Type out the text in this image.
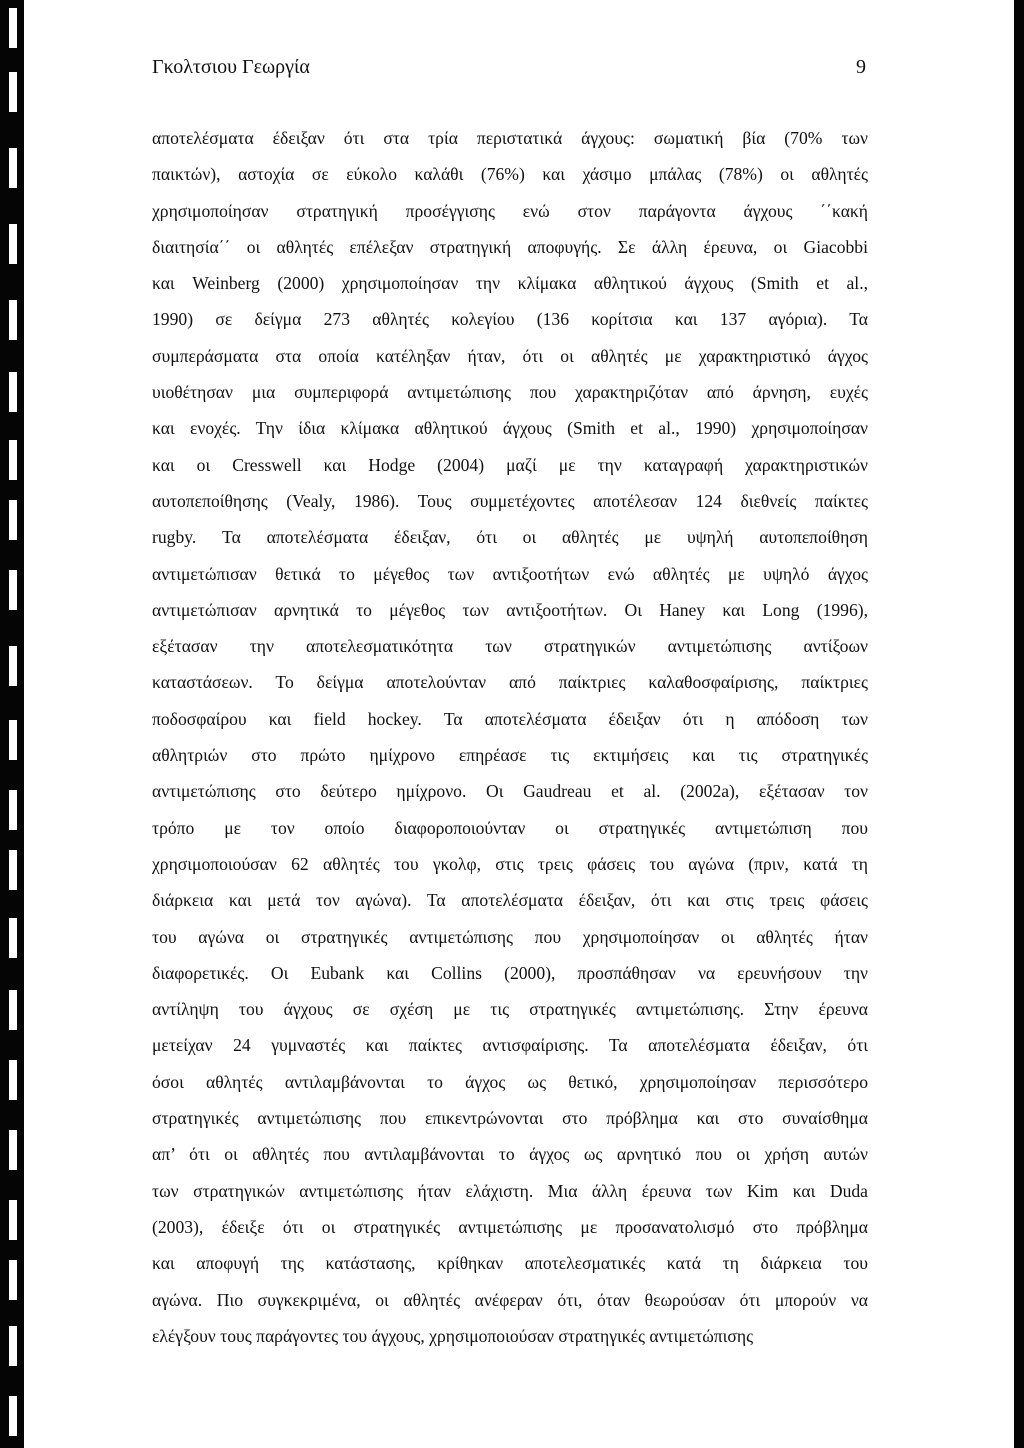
Γκολτσιου Γεωργία	9
αποτελέσματα έδειξαν ότι στα τρία περιστατικά άγχους: σωματική βία (70% των
παικτών), αστοχία σε εύκολο καλάθι (76%) και χάσιμο μπάλας (78%) οι αθλητές
χρησιμοποίησαν στρατηγική προσέγγισης ενώ στον παράγοντα άγχους ΄΄κακή
διαιτησία΄΄ οι αθλητές επέλεξαν στρατηγική αποφυγής. Σε άλλη έρευνα, οι Giacobbi
και Weinberg (2000) χρησιμοποίησαν την κλίμακα αθλητικού άγχους (Smith et al.,
1990) σε δείγμα 273 αθλητές κολεγίου (136 κορίτσια και 137 αγόρια). Τα
συμπεράσματα στα οποία κατέληξαν ήταν, ότι οι αθλητές με χαρακτηριστικό άγχος
υιοθέτησαν μια συμπεριφορά αντιμετώπισης που χαρακτηριζόταν από άρνηση, ευχές
και ενοχές. Την ίδια κλίμακα αθλητικού άγχους (Smith et al., 1990) χρησιμοποίησαν
και οι Cresswell και Hodge (2004) μαζί με την καταγραφή χαρακτηριστικών
αυτοπεποίθησης (Vealy, 1986). Τους συμμετέχοντες αποτέλεσαν 124 διεθνείς παίκτες
rugby. Τα αποτελέσματα έδειξαν, ότι οι αθλητές με υψηλή αυτοπεποίθηση
αντιμετώπισαν θετικά το μέγεθος των αντιξοοτήτων ενώ αθλητές με υψηλό άγχος
αντιμετώπισαν αρνητικά το μέγεθος των αντιξοοτήτων. Οι Haney και Long (1996),
εξέτασαν την αποτελεσματικότητα των στρατηγικών αντιμετώπισης αντίξοων
καταστάσεων. Το δείγμα αποτελούνταν από παίκτριες καλαθοσφαίρισης, παίκτριες
ποδοσφαίρου και field hockey. Τα αποτελέσματα έδειξαν ότι η απόδοση των
αθλητριών στο πρώτο ημίχρονο επηρέασε τις εκτιμήσεις και τις στρατηγικές
αντιμετώπισης στο δεύτερο ημίχρονο. Οι Gaudreau et al. (2002a), εξέτασαν τον
τρόπο με τον οποίο διαφοροποιούνταν οι στρατηγικές αντιμετώπιση που
χρησιμοποιούσαν 62 αθλητές του γκολφ, στις τρεις φάσεις του αγώνα (πριν, κατά τη
διάρκεια και μετά τον αγώνα). Τα αποτελέσματα έδειξαν, ότι και στις τρεις φάσεις
του αγώνα οι στρατηγικές αντιμετώπισης που χρησιμοποίησαν οι αθλητές ήταν
διαφορετικές. Οι Eubank και Collins (2000), προσπάθησαν να ερευνήσουν την
αντίληψη του άγχους σε σχέση με τις στρατηγικές αντιμετώπισης. Στην έρευνα
μετείχαν 24 γυμναστές και παίκτες αντισφαίρισης. Τα αποτελέσματα έδειξαν, ότι
όσοι αθλητές αντιλαμβάνονται το άγχος ως θετικό, χρησιμοποίησαν περισσότερο
στρατηγικές αντιμετώπισης που επικεντρώνονται στο πρόβλημα και στο συναίσθημα
απ’ ότι οι αθλητές που αντιλαμβάνονται το άγχος ως αρνητικό που οι χρήση αυτών
των στρατηγικών αντιμετώπισης ήταν ελάχιστη. Μια άλλη έρευνα των Kim και Duda
(2003), έδειξε ότι οι στρατηγικές αντιμετώπισης με προσανατολισμό στο πρόβλημα
και αποφυγή της κατάστασης, κρίθηκαν αποτελεσματικές κατά τη διάρκεια του
αγώνα. Πιο συγκεκριμένα, οι αθλητές ανέφεραν ότι, όταν θεωρούσαν ότι μπορούν να
ελέγξουν τους παράγοντες του άγχους, χρησιμοποιούσαν στρατηγικές αντιμετώπισης
